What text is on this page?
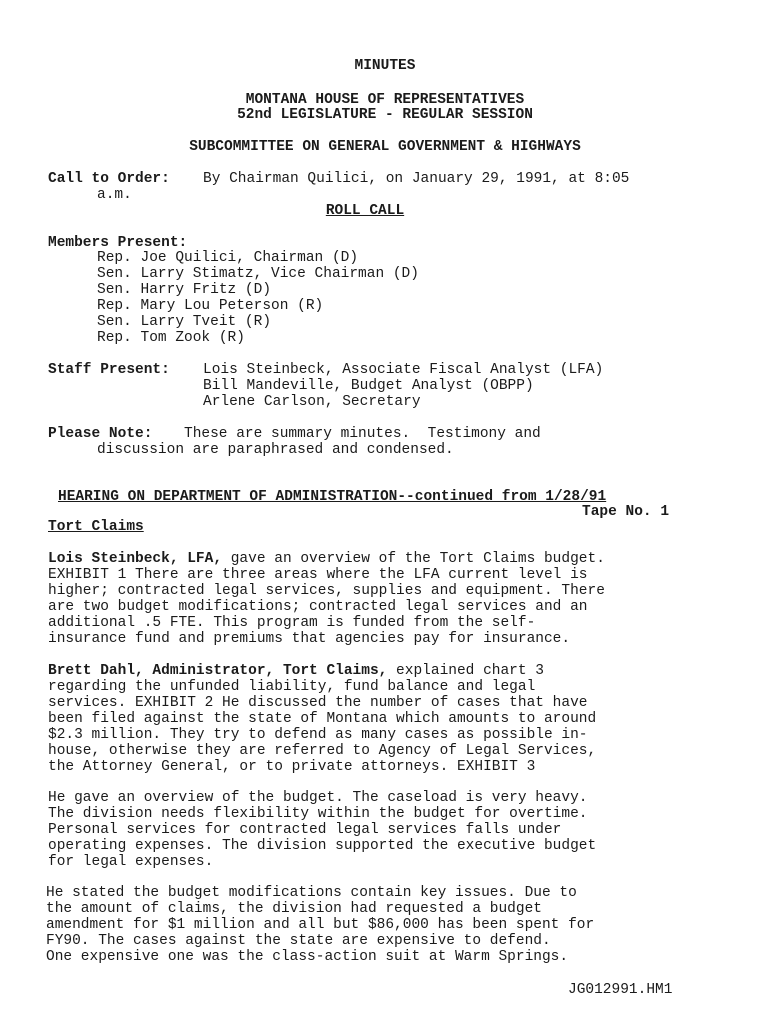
MINUTES
MONTANA HOUSE OF REPRESENTATIVES
52nd LEGISLATURE - REGULAR SESSION
SUBCOMMITTEE ON GENERAL GOVERNMENT & HIGHWAYS
Call to Order: By Chairman Quilici, on January 29, 1991, at 8:05
a.m.
ROLL CALL
Members Present:
Rep. Joe Quilici, Chairman (D)
Sen. Larry Stimatz, Vice Chairman (D)
Sen. Harry Fritz (D)
Rep. Mary Lou Peterson (R)
Sen. Larry Tveit (R)
Rep. Tom Zook (R)
Staff Present: Lois Steinbeck, Associate Fiscal Analyst (LFA)
Bill Mandeville, Budget Analyst (OBPP)
Arlene Carlson, Secretary
Please Note: These are summary minutes.  Testimony and
discussion are paraphrased and condensed.
HEARING ON DEPARTMENT OF ADMINISTRATION--continued from 1/28/91
Tape No. 1
Tort Claims

Lois Steinbeck, LFA, gave an overview of the Tort Claims budget.
EXHIBIT 1 There are three areas where the LFA current level is
higher; contracted legal services, supplies and equipment. There
are two budget modifications; contracted legal services and an
additional .5 FTE. This program is funded from the self-
insurance fund and premiums that agencies pay for insurance.

Brett Dahl, Administrator, Tort Claims, explained chart 3
regarding the unfunded liability, fund balance and legal
services. EXHIBIT 2 He discussed the number of cases that have
been filed against the state of Montana which amounts to around
$2.3 million. They try to defend as many cases as possible in-
house, otherwise they are referred to Agency of Legal Services,
the Attorney General, or to private attorneys. EXHIBIT 3

He gave an overview of the budget. The caseload is very heavy.
The division needs flexibility within the budget for overtime.
Personal services for contracted legal services falls under
operating expenses. The division supported the executive budget
for legal expenses.

He stated the budget modifications contain key issues. Due to
the amount of claims, the division had requested a budget
amendment for $1 million and all but $86,000 has been spent for
FY90. The cases against the state are expensive to defend.
One expensive one was the class-action suit at Warm Springs.

JG012991.HM1
